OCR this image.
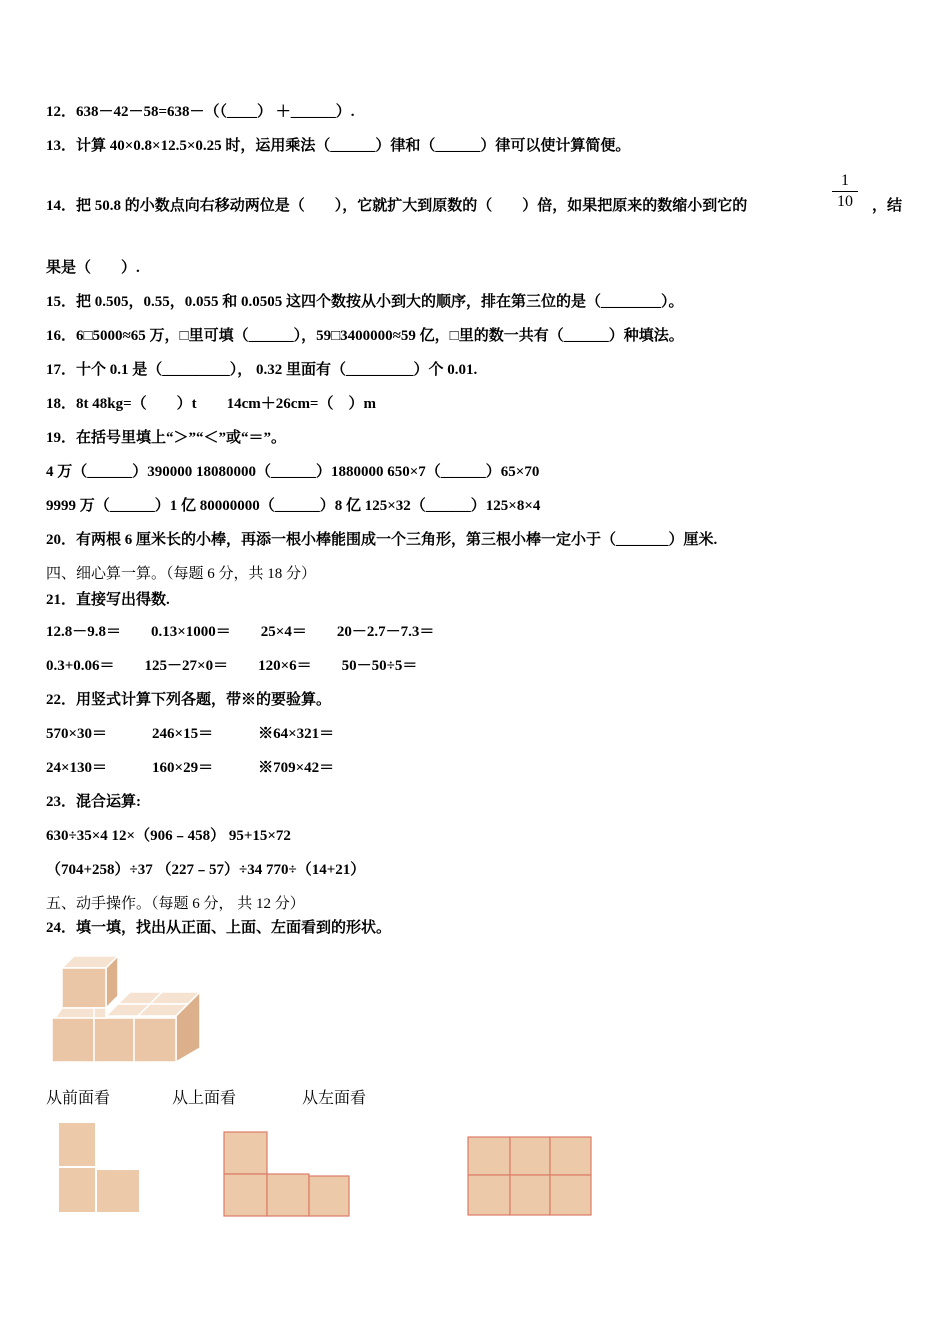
12．638－42－58=638－（（____） ＋______）.
13．计算 40×0.8×12.5×0.25 时，运用乘法（______）律和（______）律可以使计算简便。
14．把 50.8 的小数点向右移动两位是（　　），它就扩大到原数的（　　）倍，如果把原来的数缩小到它的
1
10	，结
果是（　　）.
15．把 0.505，0.55，0.055 和 0.0505 这四个数按从小到大的顺序，排在第三位的是（________）。
16．6□5000≈65 万，□里可填（______），59□3400000≈59 亿，□里的数一共有（______）种填法。
17．十个 0.1 是（_________）， 0.32 里面有（_________）个 0.01.
18．8t 48kg=（　　）t　　14cm＋26cm=（　）m
19．在括号里填上“＞”“＜”或“＝”。
4 万（______）390000 18080000（______）1880000 650×7（______）65×70
9999 万（______）1 亿 80000000（______）8 亿 125×32（______）125×8×4
20．有两根 6 厘米长的小棒，再添一根小棒能围成一个三角形，第三根小棒一定小于（_______）厘米.
四、细心算一算。（每题 6 分，共 18 分）
21．直接写出得数.
12.8－9.8＝　　0.13×1000＝　　25×4＝　　20－2.7－7.3＝
0.3+0.06＝　　125－27×0＝　　120×6＝　　50－50÷5＝
22．用竖式计算下列各题，带※的要验算。
570×30＝　　　246×15＝　　　※64×321＝
24×130＝　　　160×29＝　　　※709×42＝
23．混合运算:
630÷35×4 12×（906﹣458） 95+15×72
（704+258）÷37 （227﹣57）÷34 770÷（14+21）
五、动手操作。（每题 6 分， 共 12 分）
24．填一填，找出从正面、上面、左面看到的形状。
从前面看	从上面看	从左面看
